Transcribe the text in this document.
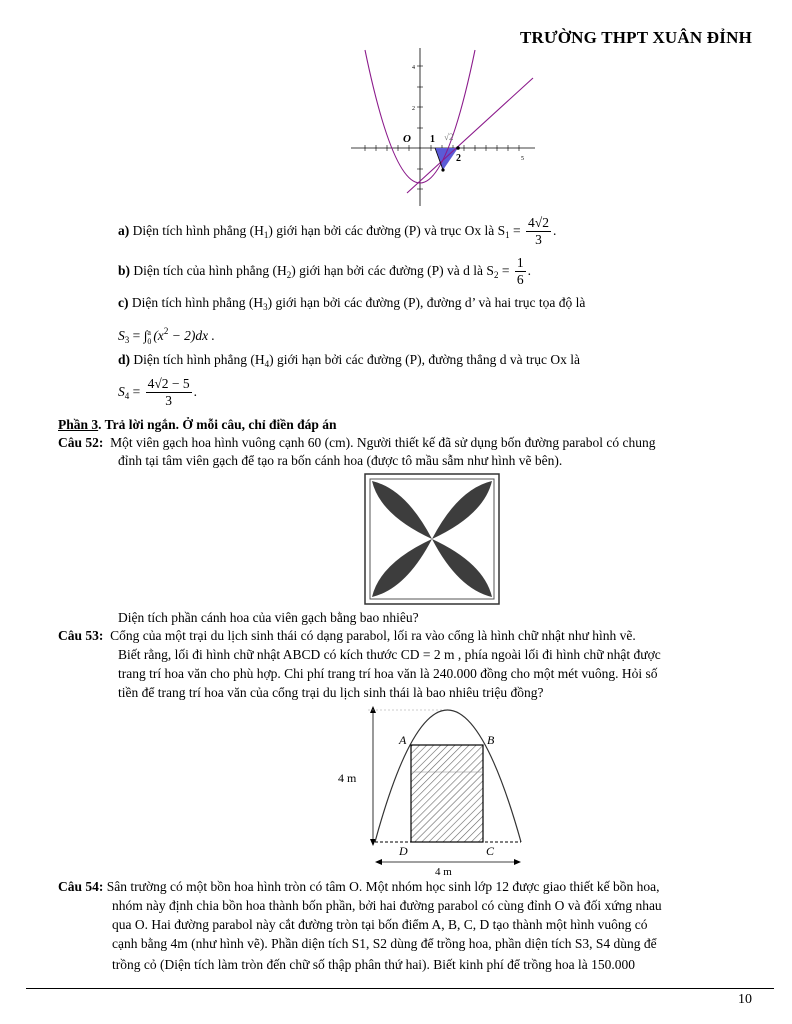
TRƯỜNG THPT XUÂN ĐỈNH
O 1 √2
2
4
2
5
a) Diện tích hình phẳng $(H_1)$ giới hạn bởi các đường (P) và trục Ox là $S_1 = \frac{4√2}{3}$ .
b) Diện tích của hình phẳng $(H_2)$ giới hạn bởi các đường (P) và d là $S_2 = \frac{1}{6}$ .
c) Diện tích hình phẳng $(H_3)$ giới hạn bởi các đường (P), đường d’ và hai trục tọa độ là
$S_3$ = ∫ a
0 $(x^2 - 2)dx$ .
d) Diện tích hình phẳng $(H_4)$ giới hạn bởi các đường (P), đường thẳng d và trục Ox là
$S_4 = \frac{4√2 - 5}{3}$ .
Phần 3. Trả lời ngắn. Ở mỗi câu, chỉ điền đáp án
Câu 52: Một viên gạch hoa hình vuông cạnh 60 (cm). Người thiết kế đã sử dụng bốn đường parabol có chung
đỉnh tại tâm viên gạch để tạo ra bốn cánh hoa (được tô mầu sẫm như hình vẽ bên).
Diện tích phần cánh hoa của viên gạch bằng bao nhiêu?
Câu 53: Cổng của một trại du lịch sinh thái có dạng parabol, lối ra vào cổng là hình chữ nhật như hình vẽ.
Biết rằng, lối đi hình chữ nhật ABCD có kích thước CD = 2 m , phía ngoài lối đi hình chữ nhật được
trang trí hoa văn cho phù hợp. Chi phí trang trí hoa văn là 240.000 đồng cho một mét vuông. Hỏi số
tiền để trang trí hoa văn của cổng trại du lịch sinh thái là bao nhiêu triệu đồng?
A	B
C
D
4 m
4 m
Câu 54: Sân trường có một bồn hoa hình tròn có tâm O. Một nhóm học sinh lớp 12 được giao thiết kế bồn hoa,
nhóm này định chia bồn hoa thành bốn phần, bởi hai đường parabol có cùng đỉnh O và đối xứng nhau
qua O. Hai đường parabol này cắt đường tròn tại bốn điểm A, B, C, D tạo thành một hình vuông có
cạnh bằng 4m (như hình vẽ). Phần diện tích S1, S2 dùng để trồng hoa, phần diện tích S3, S4 dùng để
trồng cỏ (Diện tích làm tròn đến chữ số thập phân thứ hai). Biết kinh phí để trồng hoa là 150.000
10
